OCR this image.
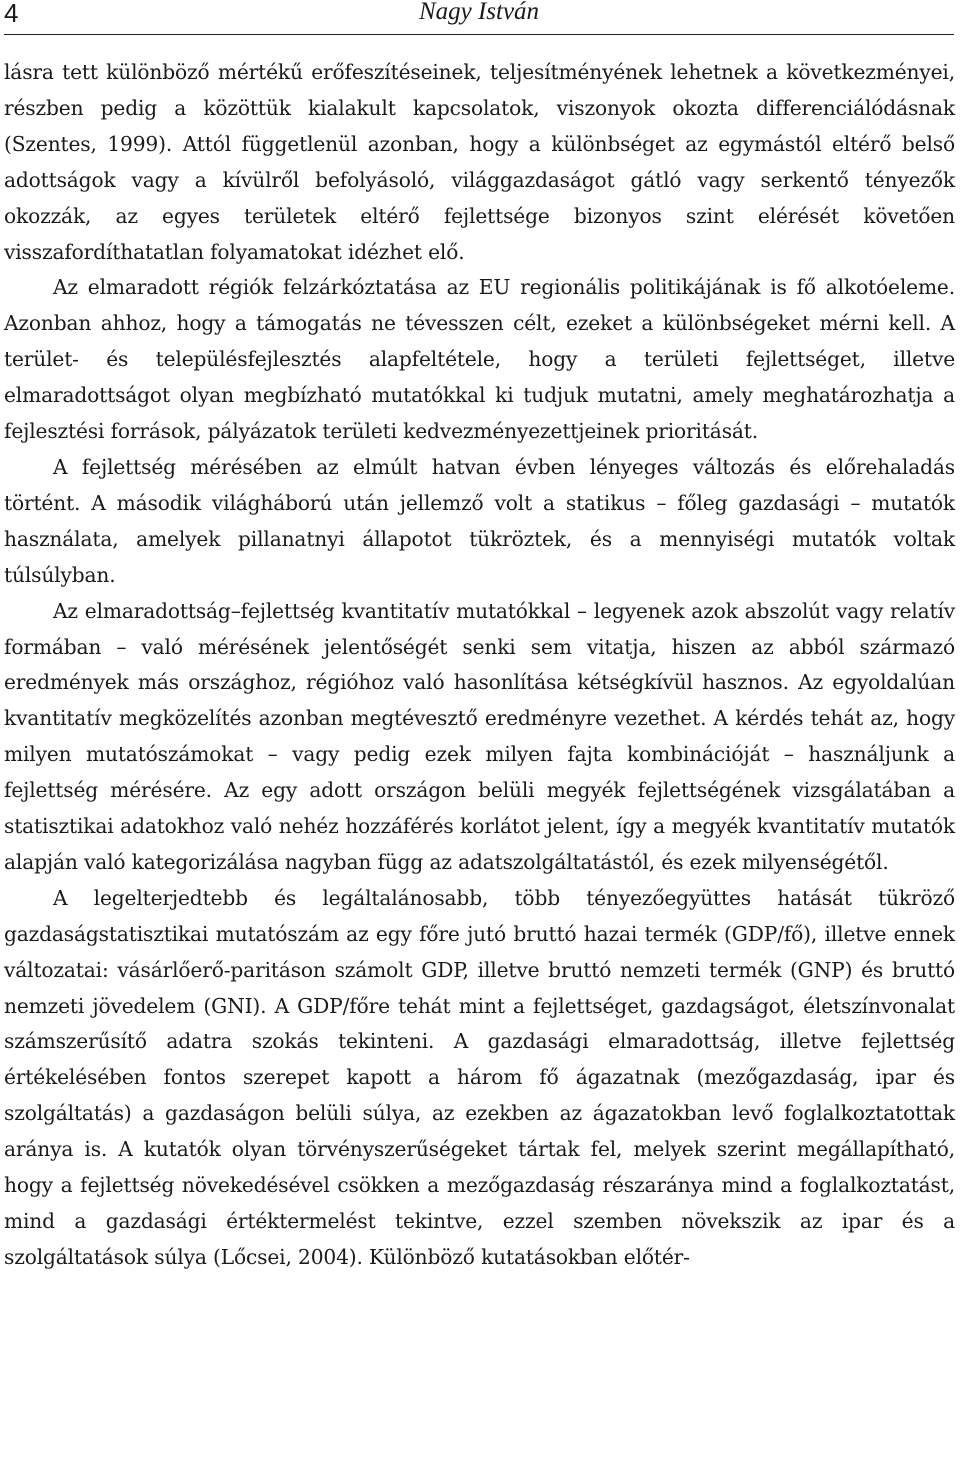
4	Nagy István

lásra tett különböző mértékű erőfeszítéseinek, teljesítményének lehetnek a következményei, részben pedig a közöttük kialakult kapcsolatok, viszonyok okozta differenciálódásnak (Szentes, 1999). Attól függetlenül azonban, hogy a különbséget az egymástól eltérő belső adottságok vagy a kívülről befolyásoló, világgazdaságot gátló vagy serkentő tényezők okozzák, az egyes területek eltérő fejlettsége bizonyos szint elérését követően visszafordíthatatlan folyamatokat idézhet elő.

Az elmaradott régiók felzárkóztatása az EU regionális politikájának is fő alkotóeleme. Azonban ahhoz, hogy a támogatás ne tévesszen célt, ezeket a különbségeket mérni kell. A terület- és településfejlesztés alapfeltétele, hogy a területi fejlettséget, illetve elmaradottságot olyan megbízható mutatókkal ki tudjuk mutatni, amely meghatározhatja a fejlesztési források, pályázatok területi kedvezményezettjeinek prioritását.

A fejlettség mérésében az elmúlt hatvan évben lényeges változás és előrehaladás történt. A második világháború után jellemző volt a statikus – főleg gazdasági – mutatók használata, amelyek pillanatnyi állapotot tükröztek, és a mennyiségi mutatók voltak túlsúlyban.

Az elmaradottság–fejlettség kvantitatív mutatókkal – legyenek azok abszolút vagy relatív formában – való mérésének jelentőségét senki sem vitatja, hiszen az abból származó eredmények más országhoz, régióhoz való hasonlítása kétségkívül hasznos. Az egyoldalúan kvantitatív megközelítés azonban megtévesztő eredményre vezethet. A kérdés tehát az, hogy milyen mutatószámokat – vagy pedig ezek milyen fajta kombinációját – használjunk a fejlettség mérésére. Az egy adott országon belüli megyék fejlettségének vizsgálatában a statisztikai adatokhoz való nehéz hozzáférés korlátot jelent, így a megyék kvantitatív mutatók alapján való kategorizálása nagyban függ az adatszolgáltatástól, és ezek milyenségétől.

A legelterjedtebb és legáltalánosabb, több tényezőegyüttes hatását tükröző gazdaságstatisztikai mutatószám az egy főre jutó bruttó hazai termék (GDP/fő), illetve ennek változatai: vásárlőerő-paritáson számolt GDP, illetve bruttó nemzeti termék (GNP) és bruttó nemzeti jövedelem (GNI). A GDP/főre tehát mint a fejlettséget, gazdagságot, életszínvonalat számszerűsítő adatra szokás tekinteni. A gazdasági elmaradottság, illetve fejlettség értékelésében fontos szerepet kapott a három fő ágazatnak (mezőgazdaság, ipar és szolgáltatás) a gazdaságon belüli súlya, az ezekben az ágazatokban levő foglalkoztatottak aránya is. A kutatók olyan törvényszerűségeket tártak fel, melyek szerint megállapítható, hogy a fejlettség növekedésével csökken a mezőgazdaság részaránya mind a foglalkoztatást, mind a gazdasági értéktermelést tekintve, ezzel szemben növekszik az ipar és a szolgáltatások súlya (Lőcsei, 2004). Különböző kutatásokban előtér-
